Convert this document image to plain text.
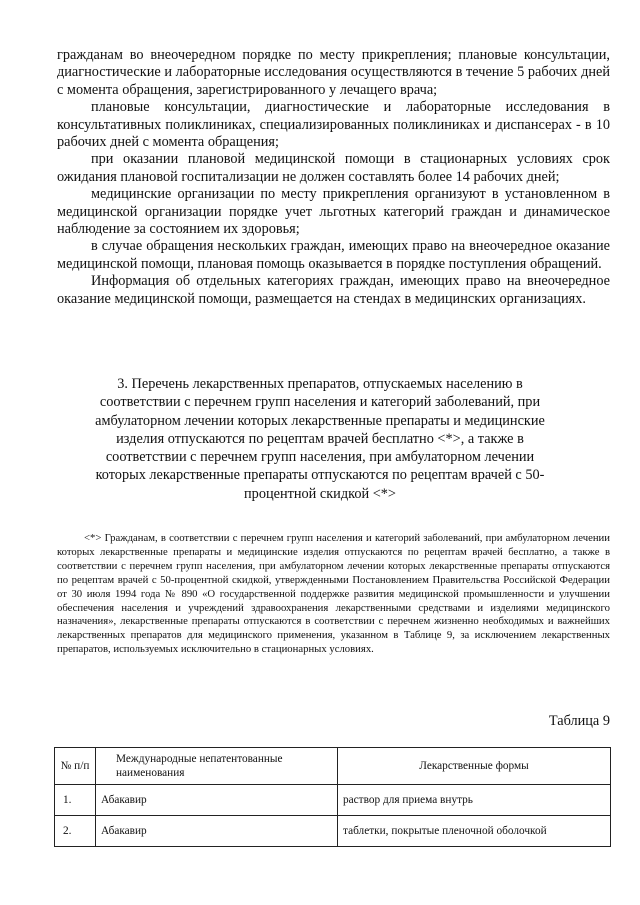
гражданам во внеочередном порядке по месту прикрепления; плановые консультации, диагностические и лабораторные исследования осуществляются в течение 5 рабочих дней с момента обращения, зарегистрированного у лечащего врача;

плановые консультации, диагностические и лабораторные исследования в консультативных поликлиниках, специализированных поликлиниках и диспансерах - в 10 рабочих дней с момента обращения;

при оказании плановой медицинской помощи в стационарных условиях срок ожидания плановой госпитализации не должен составлять более 14 рабочих дней;

медицинские организации по месту прикрепления организуют в установленном в медицинской организации порядке учет льготных категорий граждан и динамическое наблюдение за состоянием их здоровья;

в случае обращения нескольких граждан, имеющих право на внеочередное оказание медицинской помощи, плановая помощь оказывается в порядке поступления обращений.

Информация об отдельных категориях граждан, имеющих право на внеочередное оказание медицинской помощи, размещается на стендах в медицинских организациях.

3. Перечень лекарственных препаратов, отпускаемых населению в соответствии с перечнем групп населения и категорий заболеваний, при амбулаторном лечении которых лекарственные препараты и медицинские изделия отпускаются по рецептам врачей бесплатно <*>, а также в соответствии с перечнем групп населения, при амбулаторном лечении которых лекарственные препараты отпускаются по рецептам врачей с 50-процентной скидкой <*>

<*> Гражданам, в соответствии с перечнем групп населения и категорий заболеваний, при амбулаторном лечении которых лекарственные препараты и медицинские изделия отпускаются по рецептам врачей бесплатно, а также в соответствии с перечнем групп населения, при амбулаторном лечении которых лекарственные препараты отпускаются по рецептам врачей с 50-процентной скидкой, утвержденными Постановлением Правительства Российской Федерации от 30 июля 1994 года № 890 «О государственной поддержке развития медицинской промышленности и улучшении обеспечения населения и учреждений здравоохранения лекарственными средствами и изделиями медицинского назначения», лекарственные препараты отпускаются в соответствии с перечнем жизненно необходимых и важнейших лекарственных препаратов для медицинского применения, указанном в Таблице 9, за исключением лекарственных препаратов, используемых исключительно в стационарных условиях.

Таблица 9

№ п/п	Международные непатентованные наименования	Лекарственные формы
1.	Абакавир	раствор для приема внутрь
2.	Абакавир	таблетки, покрытые пленочной оболочкой
